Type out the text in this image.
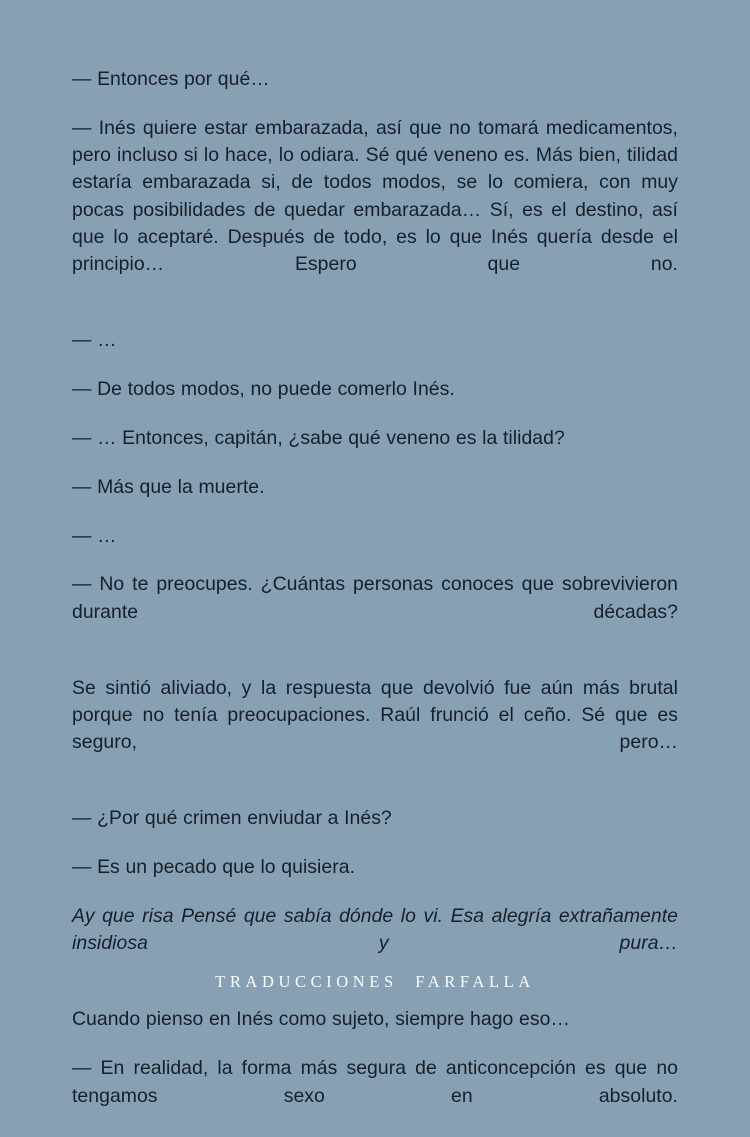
— Entonces por qué…

— Inés quiere estar embarazada, así que no tomará medicamentos, pero incluso si lo hace, lo odiara. Sé qué veneno es. Más bien, tilidad estaría embarazada si, de todos modos, se lo comiera, con muy pocas posibilidades de quedar embarazada… Sí, es el destino, así que lo aceptaré. Después de todo, es lo que Inés quería desde el principio… Espero que no.

— …

— De todos modos, no puede comerlo Inés.

— … Entonces, capitán, ¿sabe qué veneno es la tilidad?

— Más que la muerte.

— …

— No te preocupes. ¿Cuántas personas conoces que sobrevivieron durante décadas?

Se sintió aliviado, y la respuesta que devolvió fue aún más brutal porque no tenía preocupaciones. Raúl frunció el ceño. Sé que es seguro, pero…

— ¿Por qué crimen enviudar a Inés?

— Es un pecado que lo quisiera.

Ay que risa Pensé que sabía dónde lo vi. Esa alegría extrañamente insidiosa y pura…

Cuando pienso en Inés como sujeto, siempre hago eso…

— En realidad, la forma más segura de anticoncepción es que no tengamos sexo en absoluto.

TRADUCCIONES  FARFALLA
